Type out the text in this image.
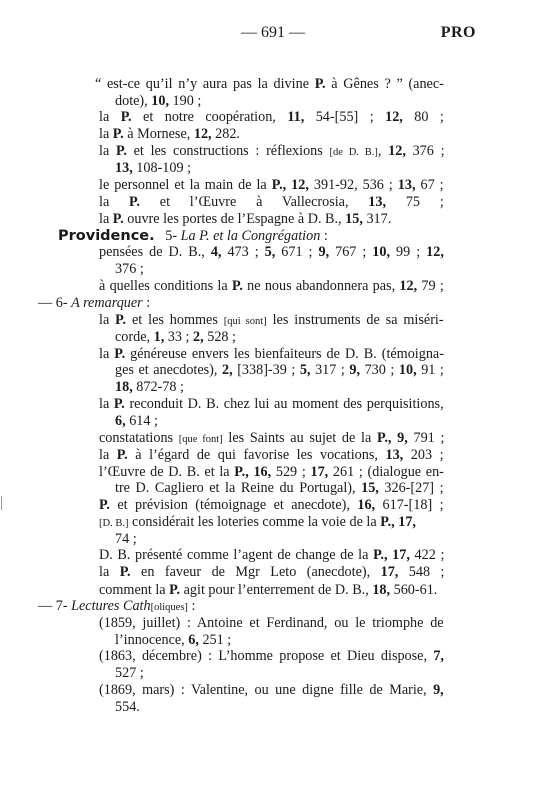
— 691 —	PRO
“ est-ce qu’il n’y aura pas la divine P. à Gênes ? ” (anec-
dote), 10, 190 ;
la P. et notre coopération, 11, 54-[55] ; 12, 80 ;
la P. à Mornese, 12, 282.
la P. et les constructions : réflexions [de D. B.], 12, 376 ;
13, 108-109 ;
le personnel et la main de la P., 12, 391-92, 536 ; 13, 67 ;
la P. et l’Œuvre à Vallecrosia, 13, 75 ;
la P. ouvre les portes de l’Espagne à D. B., 15, 317.
Providence.   5- La P. et la Congrégation :
pensées de D. B., 4, 473 ; 5, 671 ; 9, 767 ; 10, 99 ; 12,
376 ;
à quelles conditions la P. ne nous abandonnera pas, 12, 79 ;
— 6- A remarquer :
la P. et les hommes [qui sont] les instruments de sa miséri-
corde, 1, 33 ; 2, 528 ;
la P. généreuse envers les bienfaiteurs de D. B. (témoigna-
ges et anecdotes), 2, [338]-39 ; 5, 317 ; 9, 730 ; 10, 91 ;
18, 872-78 ;
la P. reconduit D. B. chez lui au moment des perquisitions,
6, 614 ;
constatations [que font] les Saints au sujet de la P., 9, 791 ;
la P. à l’égard de qui favorise les vocations, 13, 203 ;
l’Œuvre de D. B. et la P., 16, 529 ; 17, 261 ; (dialogue en-
tre D. Cagliero et la Reine du Portugal), 15, 326-[27] ;
P. et prévision (témoignage et anecdote), 16, 617-[18] ;
[D. B.] considérait les loteries comme la voie de la P., 17,
74 ;
D. B. présenté comme l’agent de change de la P., 17, 422 ;
la P. en faveur de Mgr Leto (anecdote), 17, 548 ;
comment la P. agit pour l’enterrement de D. B., 18, 560-61.
— 7- Lectures Cath[oliques] :
(1859, juillet) : Antoine et Ferdinand, ou le triomphe de
l’innocence, 6, 251 ;
(1863, décembre) : L’homme propose et Dieu dispose, 7,
527 ;
(1869, mars) : Valentine, ou une digne fille de Marie, 9,
554.
